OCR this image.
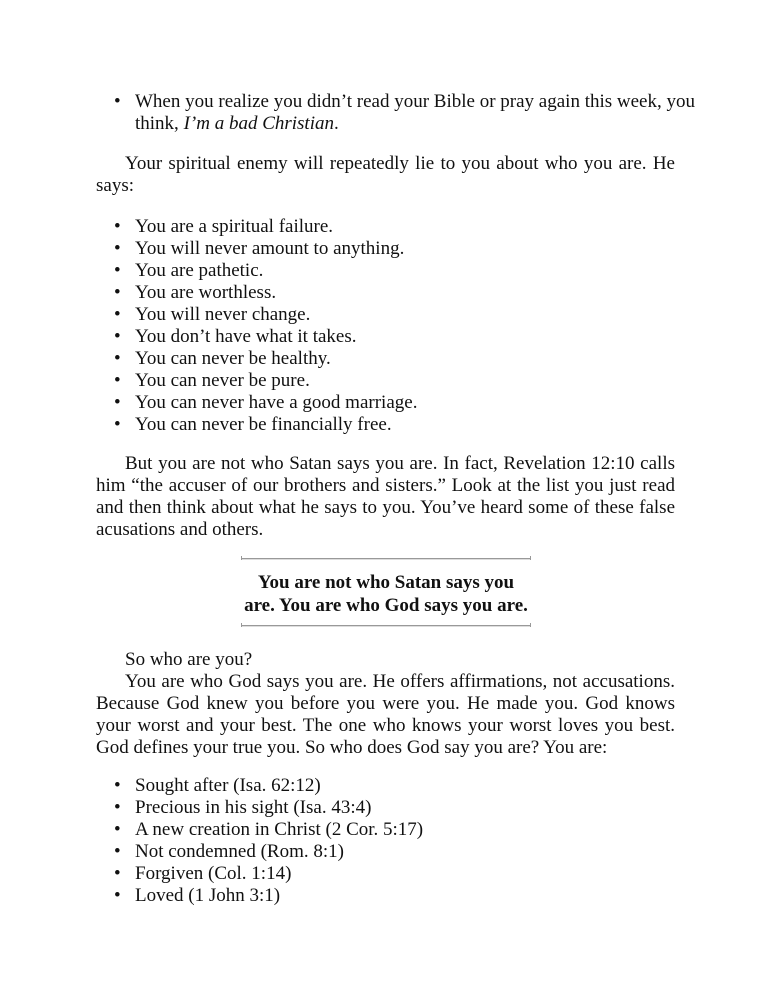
• When you realize you didn’t read your Bible or pray again this week, you think, I’m a bad Christian.

Your spiritual enemy will repeatedly lie to you about who you are. He says:

• You are a spiritual failure.
• You will never amount to anything.
• You are pathetic.
• You are worthless.
• You will never change.
• You don’t have what it takes.
• You can never be healthy.
• You can never be pure.
• You can never have a good marriage.
• You can never be financially free.

But you are not who Satan says you are. In fact, Revelation 12:10 calls him “the accuser of our brothers and sisters.” Look at the list you just read and then think about what he says to you. You’ve heard some of these false acusations and others.

You are not who Satan says you are. You are who God says you are.

So who are you?

You are who God says you are. He offers affirmations, not accusations. Because God knew you before you were you. He made you. God knows your worst and your best. The one who knows your worst loves you best. God defines your true you. So who does God say you are? You are:

• Sought after (Isa. 62:12)
• Precious in his sight (Isa. 43:4)
• A new creation in Christ (2 Cor. 5:17)
• Not condemned (Rom. 8:1)
• Forgiven (Col. 1:14)
• Loved (1 John 3:1)
